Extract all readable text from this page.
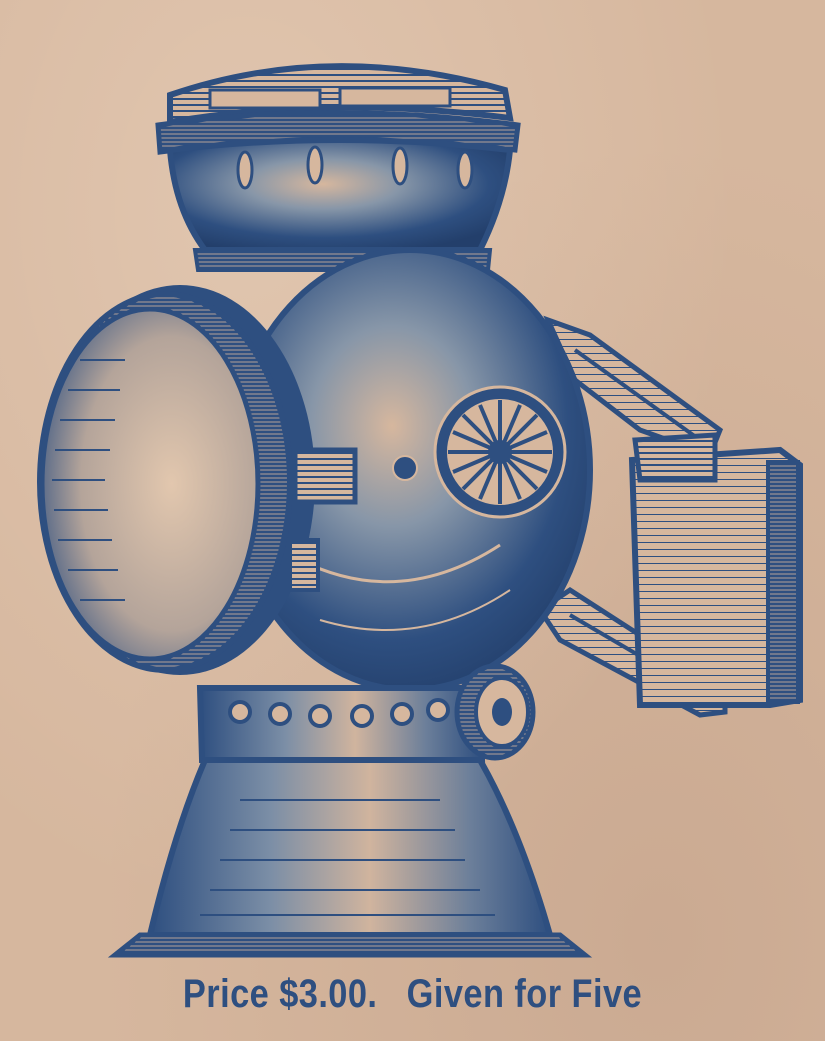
Price $3.00. Given for Five
